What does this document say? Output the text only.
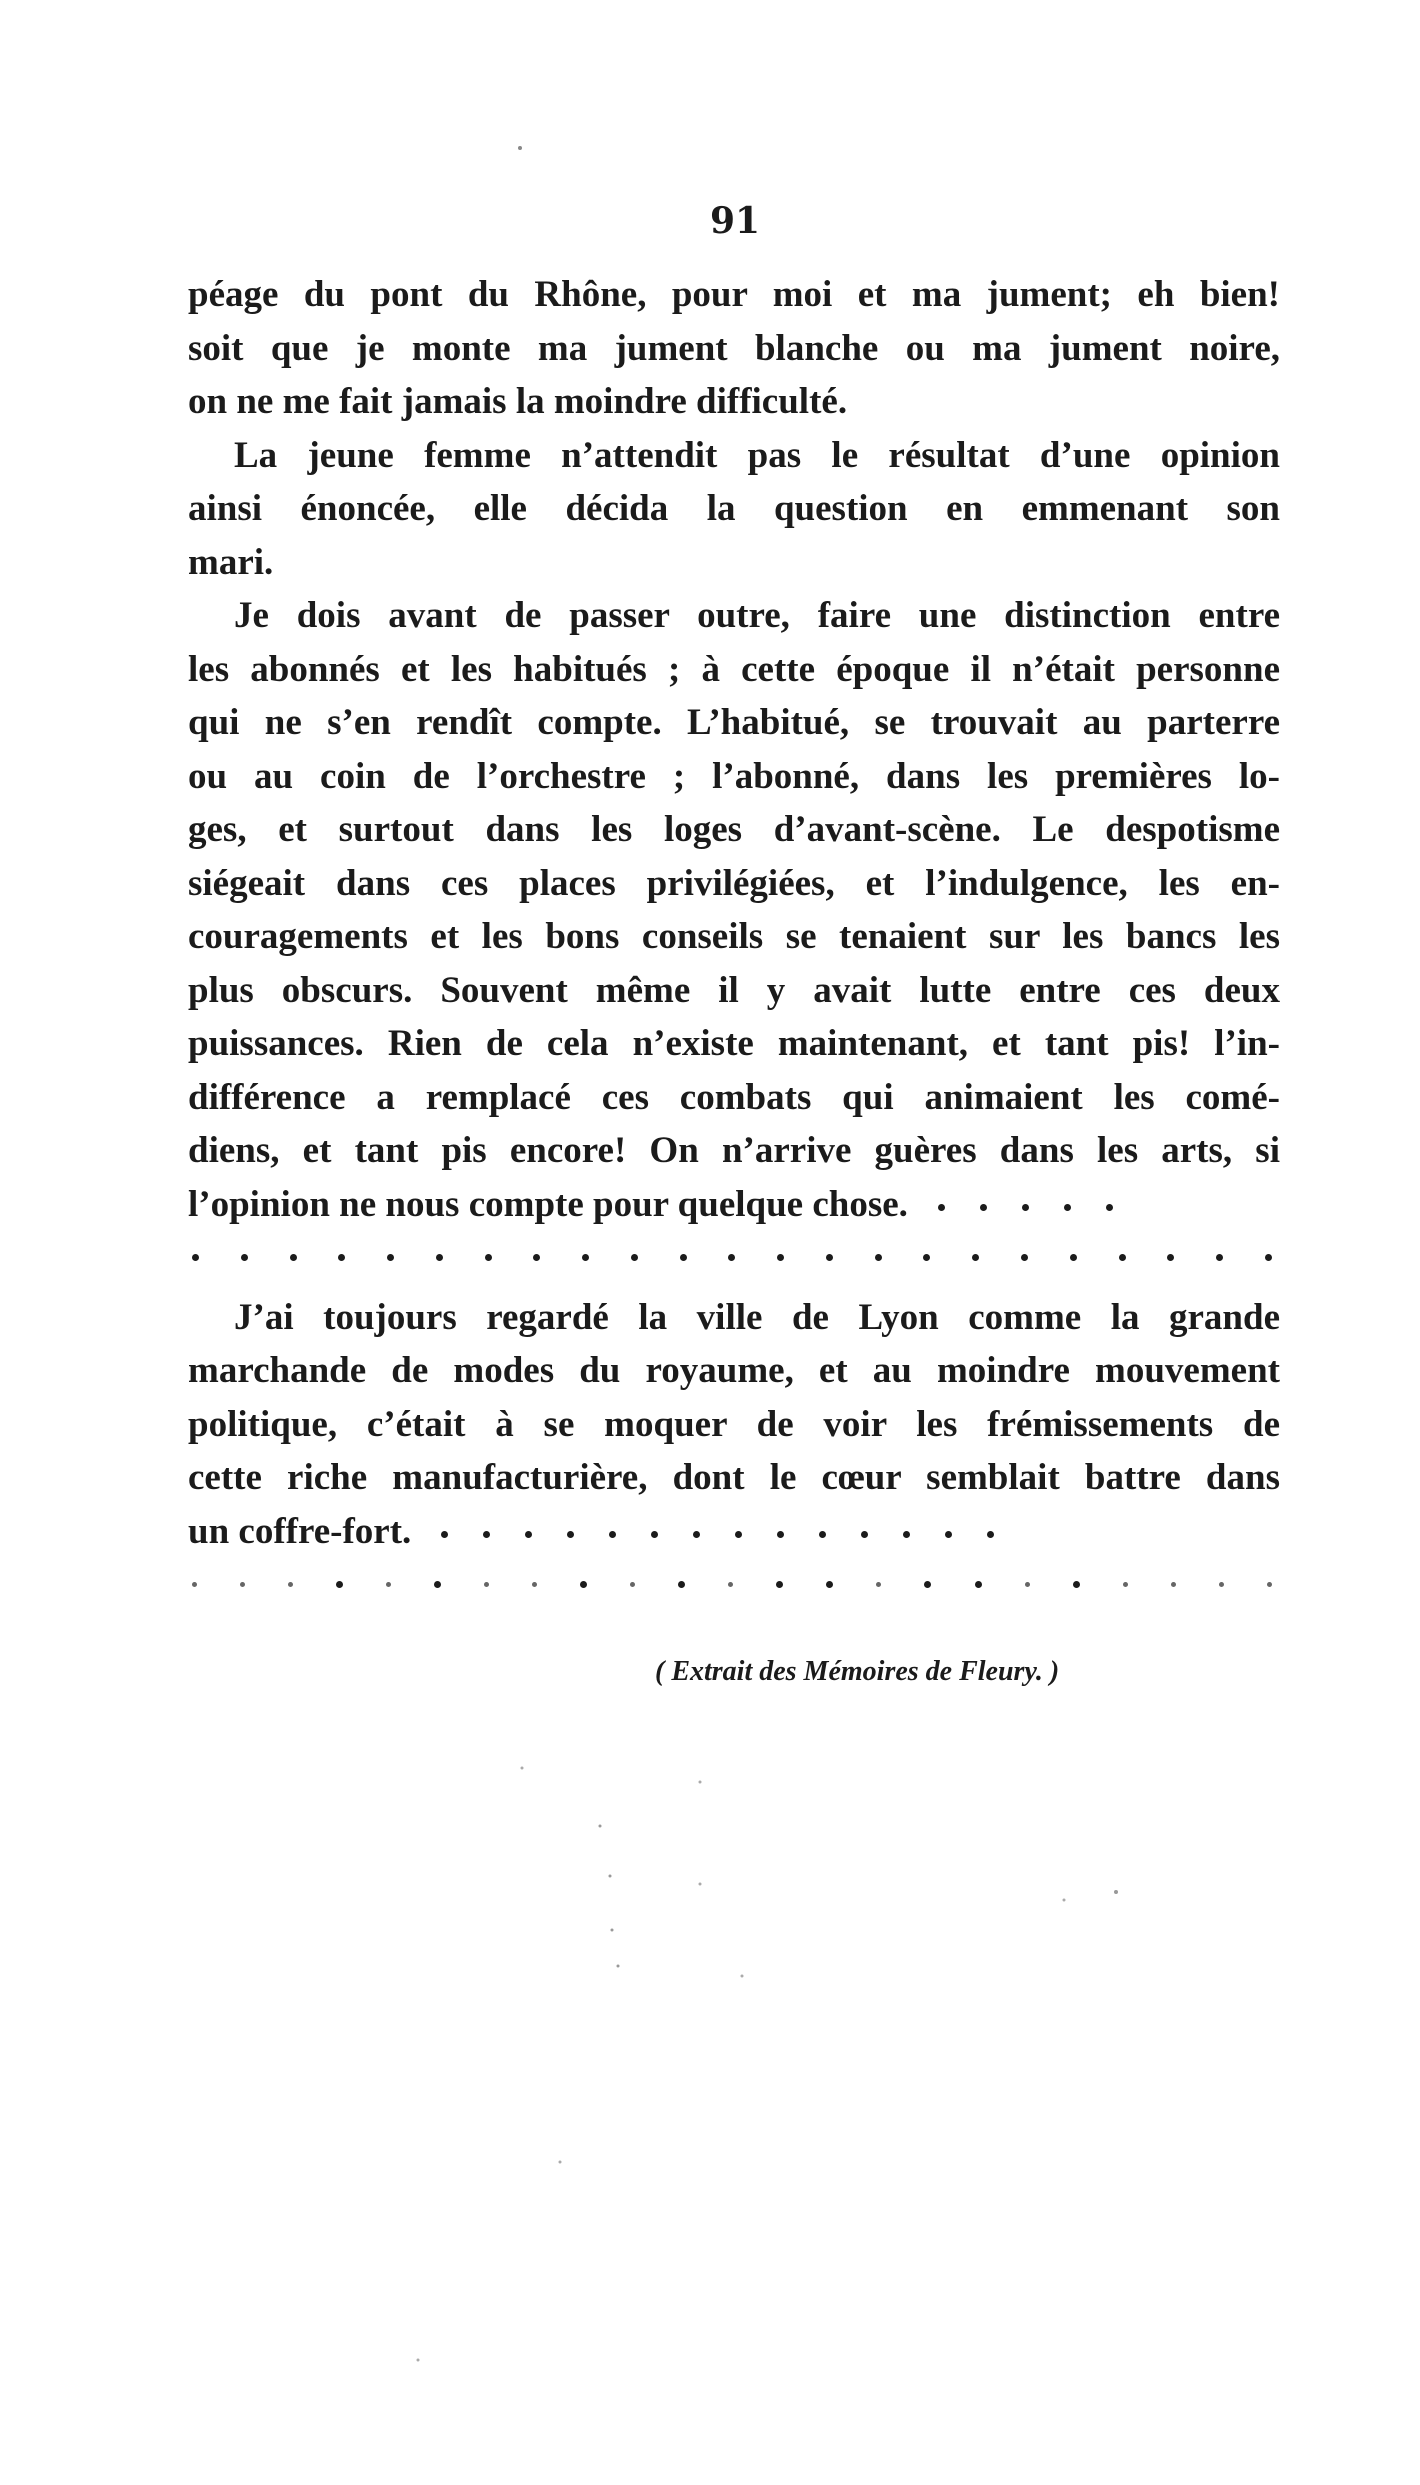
91
péage du pont du Rhône, pour moi et ma jument; eh bien!
soit que je monte ma jument blanche ou ma jument noire,
on ne me fait jamais la moindre difficulté.
La jeune femme n’attendit pas le résultat d’une opinion
ainsi énoncée, elle décida la question en emmenant son
mari.
Je dois avant de passer outre, faire une distinction entre
les abonnés et les habitués ; à cette époque il n’était personne
qui ne s’en rendît compte. L’habitué, se trouvait au parterre
ou au coin de l’orchestre ; l’abonné, dans les premières lo-
ges, et surtout dans les loges d’avant-scène. Le despotisme
siégeait dans ces places privilégiées, et l’indulgence, les en-
couragements et les bons conseils se tenaient sur les bancs les
plus obscurs. Souvent même il y avait lutte entre ces deux
puissances. Rien de cela n’existe maintenant, et tant pis! l’in-
différence a remplacé ces combats qui animaient les comé-
diens, et tant pis encore! On n’arrive guères dans les arts, si
l’opinion ne nous compte pour quelque chose.
J’ai toujours regardé la ville de Lyon comme la grande
marchande de modes du royaume, et au moindre mouvement
politique, c’était à se moquer de voir les frémissements de
cette riche manufacturière, dont le cœur semblait battre dans
un coffre-fort.
( Extrait des Mémoires de Fleury. )
